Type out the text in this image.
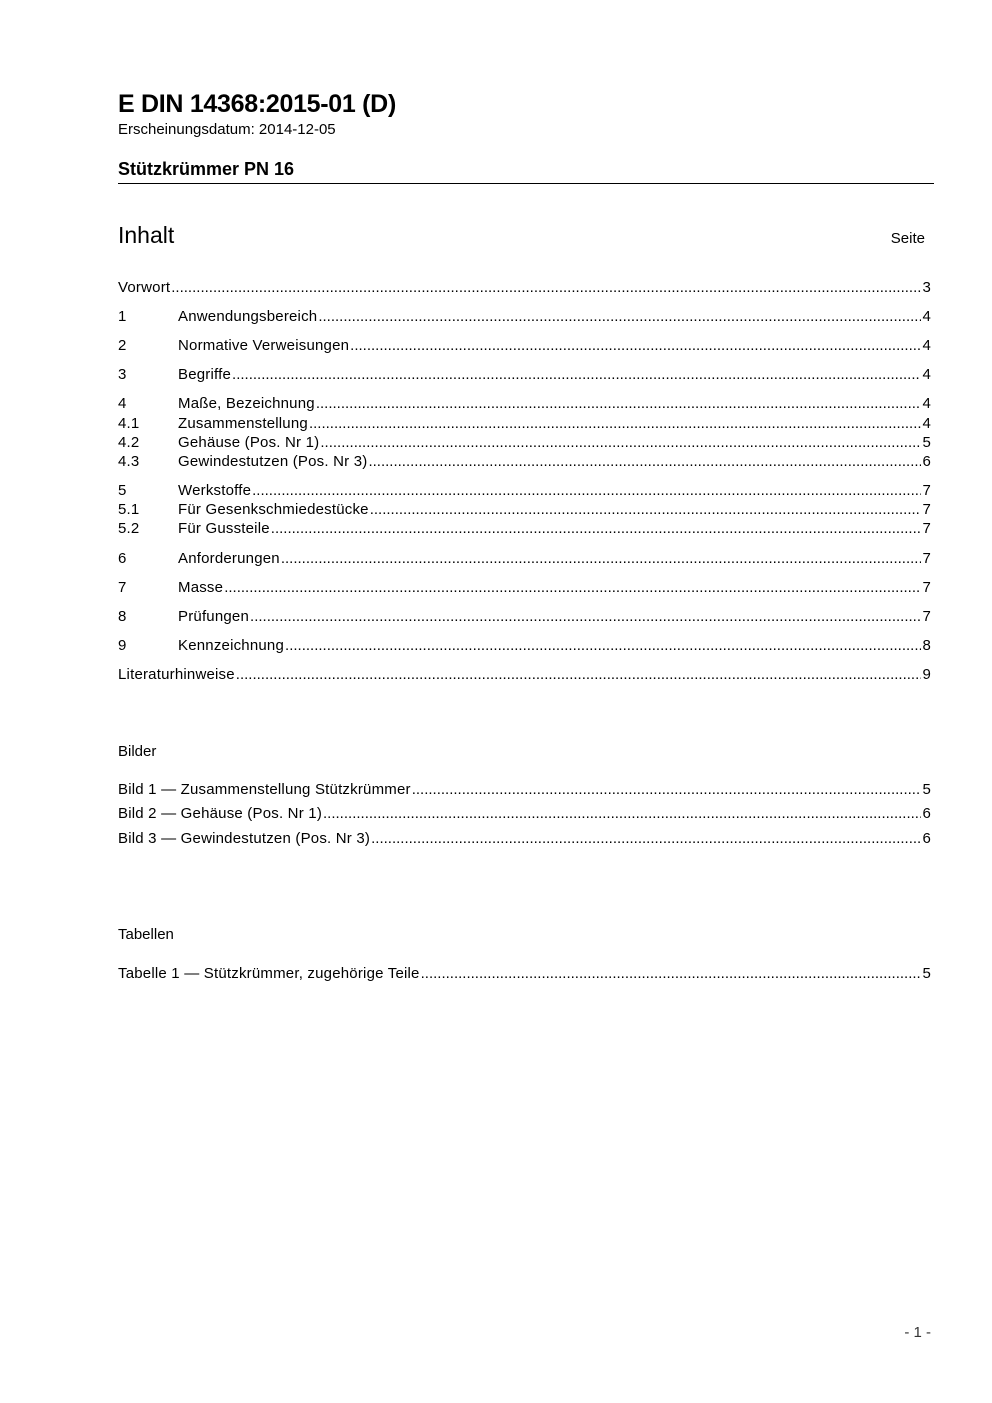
E DIN 14368:2015-01 (D)
Erscheinungsdatum: 2014-12-05
Stützkrümmer PN 16
Inhalt	Seite
Vorwort .....	3
1	Anwendungsbereich .....	4
2	Normative Verweisungen .....	4
3	Begriffe .....	4
4	Maße, Bezeichnung .....	4
4.1	Zusammenstellung .....	4
4.2	Gehäuse (Pos. Nr 1) .....	5
4.3	Gewindestutzen (Pos. Nr 3) .....	6
5	Werkstoffe .....	7
5.1	Für Gesenkschmiedestücke .....	7
5.2	Für Gussteile .....	7
6	Anforderungen .....	7
7	Masse .....	7
8	Prüfungen .....	7
9	Kennzeichnung .....	8
Literaturhinweise .....	9
Bilder
Bild 1 — Zusammenstellung Stützkrümmer .....	5
Bild 2 — Gehäuse (Pos. Nr 1) .....	6
Bild 3 — Gewindestutzen (Pos. Nr 3) .....	6
Tabellen
Tabelle 1 — Stützkrümmer, zugehörige Teile .....	5
- 1 -
